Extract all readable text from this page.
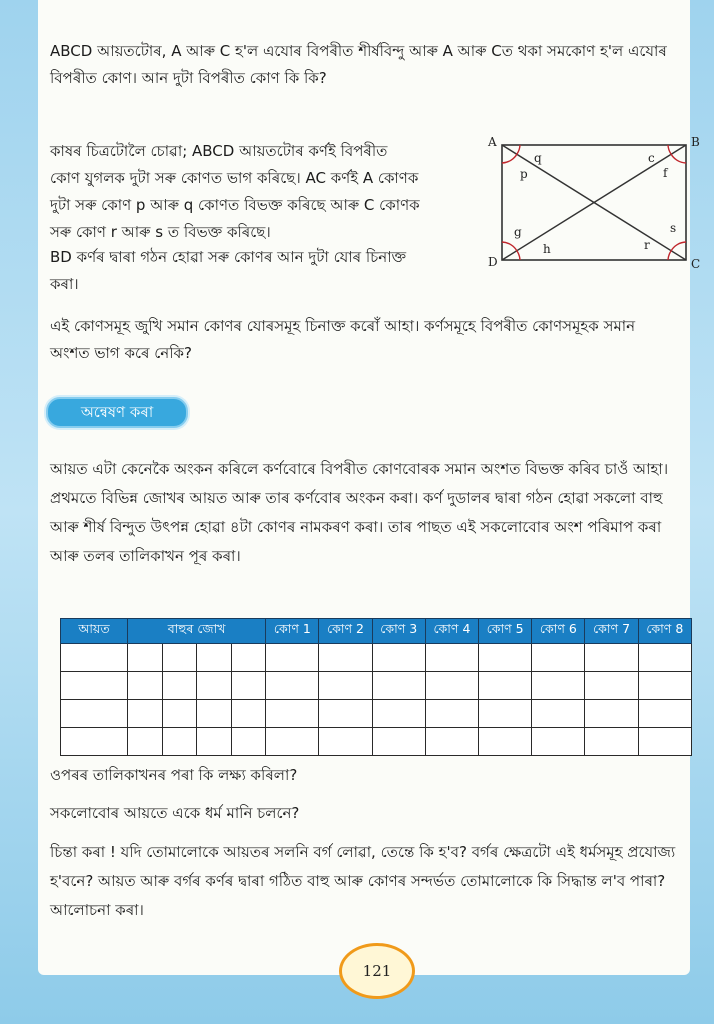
ABCD আয়তটোৰ, A আৰু C হ'ল এযোৰ বিপৰীত শীৰ্ষবিন্দু আৰু A আৰু Cত থকা সমকোণ হ'ল এযোৰ বিপৰীত কোণ। আন দুটা বিপৰীত কোণ কি কি?
কাষৰ চিত্ৰটোলৈ চোৱা; ABCD আয়তটোৰ কৰ্ণই বিপৰীত কোণ যুগলক দুটা সৰু কোণত ভাগ কৰিছে। AC কৰ্ণই A কোণক দুটা সৰু কোণ p আৰু q কোণত বিভক্ত কৰিছে আৰু C কোণক সৰু কোণ r আৰু s ত বিভক্ত কৰিছে।
BD কৰ্ণৰ দ্বাৰা গঠন হোৱা সৰু কোণৰ আন দুটা যোৰ চিনাক্ত কৰা।
A	B
C
D
q
p
c
f
g
h	r
s
এই কোণসমূহ জুখি সমান কোণৰ যোৰসমূহ চিনাক্ত কৰোঁ আহা। কৰ্ণসমূহে বিপৰীত কোণসমূহক সমান অংশত ভাগ কৰে নেকি?
অন্বেষণ কৰা
আয়ত এটা কেনেকৈ অংকন কৰিলে কৰ্ণবোৰে বিপৰীত কোণবোৰক সমান অংশত বিভক্ত কৰিব চাওঁ আহা। প্ৰথমতে বিভিন্ন জোখৰ আয়ত আৰু তাৰ কৰ্ণবোৰ অংকন কৰা। কৰ্ণ দুডালৰ দ্বাৰা গঠন হোৱা সকলো বাহু আৰু শীৰ্ষ বিন্দুত উৎপন্ন হোৱা ৪টা কোণৰ নামকৰণ কৰা। তাৰ পাছত এই সকলোবোৰ অংশ পৰিমাপ কৰা আৰু তলৰ তালিকাখন পূৰ কৰা।
আয়ত	বাহুৰ জোখ				কোণ 1	কোণ 2	কোণ 3	কোণ 4	কোণ 5	কোণ 6	কোণ 7	কোণ 8

ওপৰৰ তালিকাখনৰ পৰা কি লক্ষ্য কৰিলা?
সকলোবোৰ আয়তে একে ধৰ্ম মানি চলনে?
চিন্তা কৰা ! যদি তোমালোকে আয়তৰ সলনি বৰ্গ লোৱা, তেন্তে কি হ'ব? বৰ্গৰ ক্ষেত্ৰটো এই ধৰ্মসমূহ প্ৰযোজ্য হ'বনে? আয়ত আৰু বৰ্গৰ কৰ্ণৰ দ্বাৰা গঠিত বাহু আৰু কোণৰ সন্দৰ্ভত তোমালোকে কি সিদ্ধান্ত ল'ব পাৰা? আলোচনা কৰা।
121
